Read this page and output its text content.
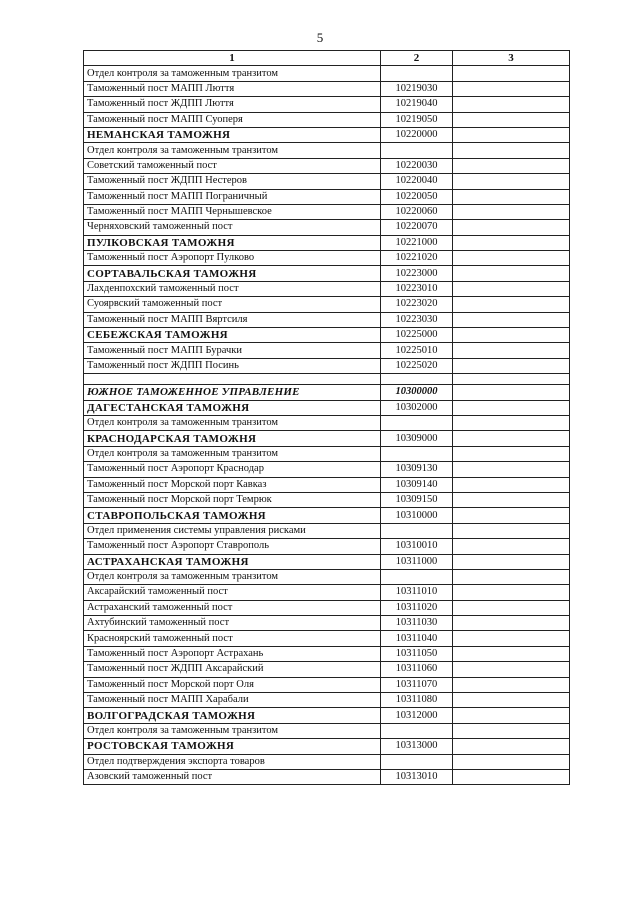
5
1	2	3
Отдел контроля за таможенным транзитом		
Таможенный пост МАПП Люття	10219030	
Таможенный пост ЖДПП Люття	10219040	
Таможенный пост МАПП Суоперя	10219050	
НЕМАНСКАЯ ТАМОЖНЯ	10220000	
Отдел контроля за таможенным транзитом		
Советский таможенный пост	10220030	
Таможенный пост ЖДПП Нестеров	10220040	
Таможенный пост МАПП Пограничный	10220050	
Таможенный пост МАПП Чернышевское	10220060	
Черняховский таможенный пост	10220070	
ПУЛКОВСКАЯ ТАМОЖНЯ	10221000	
Таможенный пост Аэропорт Пулково	10221020	
СОРТАВАЛЬСКАЯ ТАМОЖНЯ	10223000	
Лахденпохский таможенный пост	10223010	
Суоярвский таможенный пост	10223020	
Таможенный пост МАПП Вяртсиля	10223030	
СЕБЕЖСКАЯ ТАМОЖНЯ	10225000	
Таможенный пост МАПП Бурачки	10225010	
Таможенный пост ЖДПП Посинь	10225020	

ЮЖНОЕ ТАМОЖЕННОЕ УПРАВЛЕНИЕ	10300000	
ДАГЕСТАНСКАЯ ТАМОЖНЯ	10302000	
Отдел контроля за таможенным транзитом		
КРАСНОДАРСКАЯ ТАМОЖНЯ	10309000	
Отдел контроля за таможенным транзитом		
Таможенный пост Аэропорт Краснодар	10309130	
Таможенный пост Морской порт Кавказ	10309140	
Таможенный пост Морской порт Темрюк	10309150	
СТАВРОПОЛЬСКАЯ ТАМОЖНЯ	10310000	
Отдел применения системы управления рисками		
Таможенный пост Аэропорт Ставрополь	10310010	
АСТРАХАНСКАЯ ТАМОЖНЯ	10311000	
Отдел контроля за таможенным транзитом		
Аксарайский таможенный пост	10311010	
Астраханский таможенный пост	10311020	
Ахтубинский таможенный пост	10311030	
Красноярский таможенный пост	10311040	
Таможенный пост Аэропорт Астрахань	10311050	
Таможенный пост ЖДПП Аксарайский	10311060	
Таможенный пост Морской порт Оля	10311070	
Таможенный пост МАПП Харабали	10311080	
ВОЛГОГРАДСКАЯ ТАМОЖНЯ	10312000	
Отдел контроля за таможенным транзитом		
РОСТОВСКАЯ ТАМОЖНЯ	10313000	
Отдел подтверждения экспорта товаров		
Азовский таможенный пост	10313010	
